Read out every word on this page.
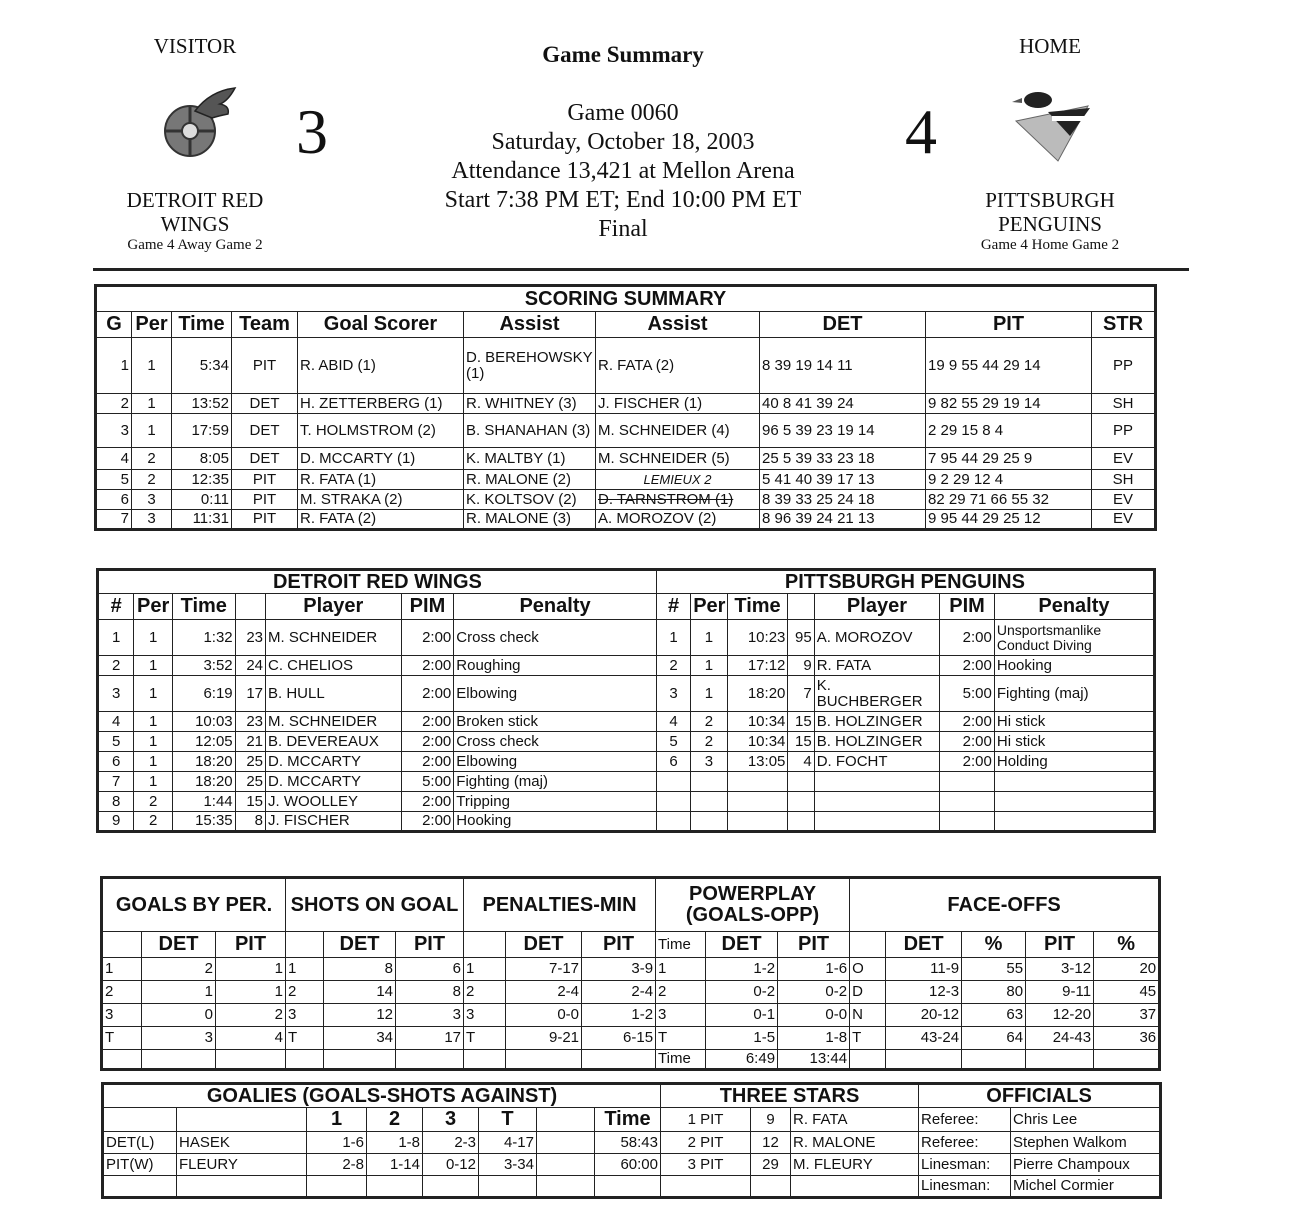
VISITOR	HOME
Game Summary
3	Game 0060
Saturday, October 18, 2003
Attendance 13,421 at Mellon Arena
Start 7:38 PM ET; End 10:00 PM ET
Final
4
DETROIT RED
WINGS
Game 4 Away Game 2
PITTSBURGH
PENGUINS
Game 4 Home Game 2
SCORING SUMMARY									
G	Per	Time	Team	Goal Scorer	Assist	Assist	DET	PIT	STR
1	1	5:34	PIT	R. ABID (1)	D. BEREHOWSKY (1)	R. FATA (2)	8 39 19 14 11	19 9 55 44 29 14	PP
2	1	13:52	DET	H. ZETTERBERG (1)	R. WHITNEY (3)	J. FISCHER (1)	40 8 41 39 24	9 82 55 29 19 14	SH
3	1	17:59	DET	T. HOLMSTROM (2)	B. SHANAHAN (3)	M. SCHNEIDER (4)	96 5 39 23 19 14	2 29 15 8 4	PP
4	2	8:05	DET	D. MCCARTY (1)	K. MALTBY (1)	M. SCHNEIDER (5)	25 5 39 33 23 18	7 95 44 29 25 9	EV
5	2	12:35	PIT	R. FATA (1)	R. MALONE (2)	LEMIEUX 2	5 41 40 39 17 13	9 2 29 12 4	SH
6	3	0:11	PIT	M. STRAKA (2)	K. KOLTSOV (2)	D. TARNSTROM (1)	8 39 33 25 24 18	82 29 71 66 55 32	EV
7	3	11:31	PIT	R. FATA (2)	R. MALONE (3)	A. MOROZOV (2)	8 96 39 24 21 13	9 95 44 29 25 12	EV
DETROIT RED WINGS							PITTSBURGH PENGUINS						
#	Per	Time		Player	PIM	Penalty	#	Per	Time		Player	PIM	Penalty
1	1	1:32	23	M. SCHNEIDER	2:00	Cross check	1	1	10:23	95	A. MOROZOV	2:00	Unsportsmanlike Conduct Diving
2	1	3:52	24	C. CHELIOS	2:00	Roughing	2	1	17:12	9	R. FATA	2:00	Hooking
3	1	6:19	17	B. HULL	2:00	Elbowing	3	1	18:20	7	K. BUCHBERGER	5:00	Fighting (maj)
4	1	10:03	23	M. SCHNEIDER	2:00	Broken stick	4	2	10:34	15	B. HOLZINGER	2:00	Hi stick
5	1	12:05	21	B. DEVEREAUX	2:00	Cross check	5	2	10:34	15	B. HOLZINGER	2:00	Hi stick
6	1	18:20	25	D. MCCARTY	2:00	Elbowing	6	3	13:05	4	D. FOCHT	2:00	Holding
7	1	18:20	25	D. MCCARTY	5:00	Fighting (maj)							
8	2	1:44	15	J. WOOLLEY	2:00	Tripping							
9	2	15:35	8	J. FISCHER	2:00	Hooking							
GOALS BY PER.			SHOTS ON GOAL			PENALTIES-MIN			POWERPLAY (GOALS-OPP)			FACE-OFFS				
	DET	PIT		DET	PIT		DET	PIT	Time	DET	PIT		DET	%	PIT	%
1	2	1	1	8	6	1	7-17	3-9	1	1-2	1-6	O	11-9	55	3-12	20
2	1	1	2	14	8	2	2-4	2-4	2	0-2	0-2	D	12-3	80	9-11	45
3	0	2	3	12	3	3	0-0	1-2	3	0-1	0-0	N	20-12	63	12-20	37
T	3	4	T	34	17	T	9-21	6-15	T	1-5	1-8	T	43-24	64	24-43	36
									Time	6:49	13:44					
GOALIES (GOALS-SHOTS AGAINST)								THREE STARS			OFFICIALS	
		1	2	3	T		Time	1 PIT	9	R. FATA	Referee:	Chris Lee
DET(L)	HASEK	1-6	1-8	2-3	4-17		58:43	2 PIT	12	R. MALONE	Referee:	Stephen Walkom
PIT(W)	FLEURY	2-8	1-14	0-12	3-34		60:00	3 PIT	29	M. FLEURY	Linesman:	Pierre Champoux
											Linesman:	Michel Cormier
